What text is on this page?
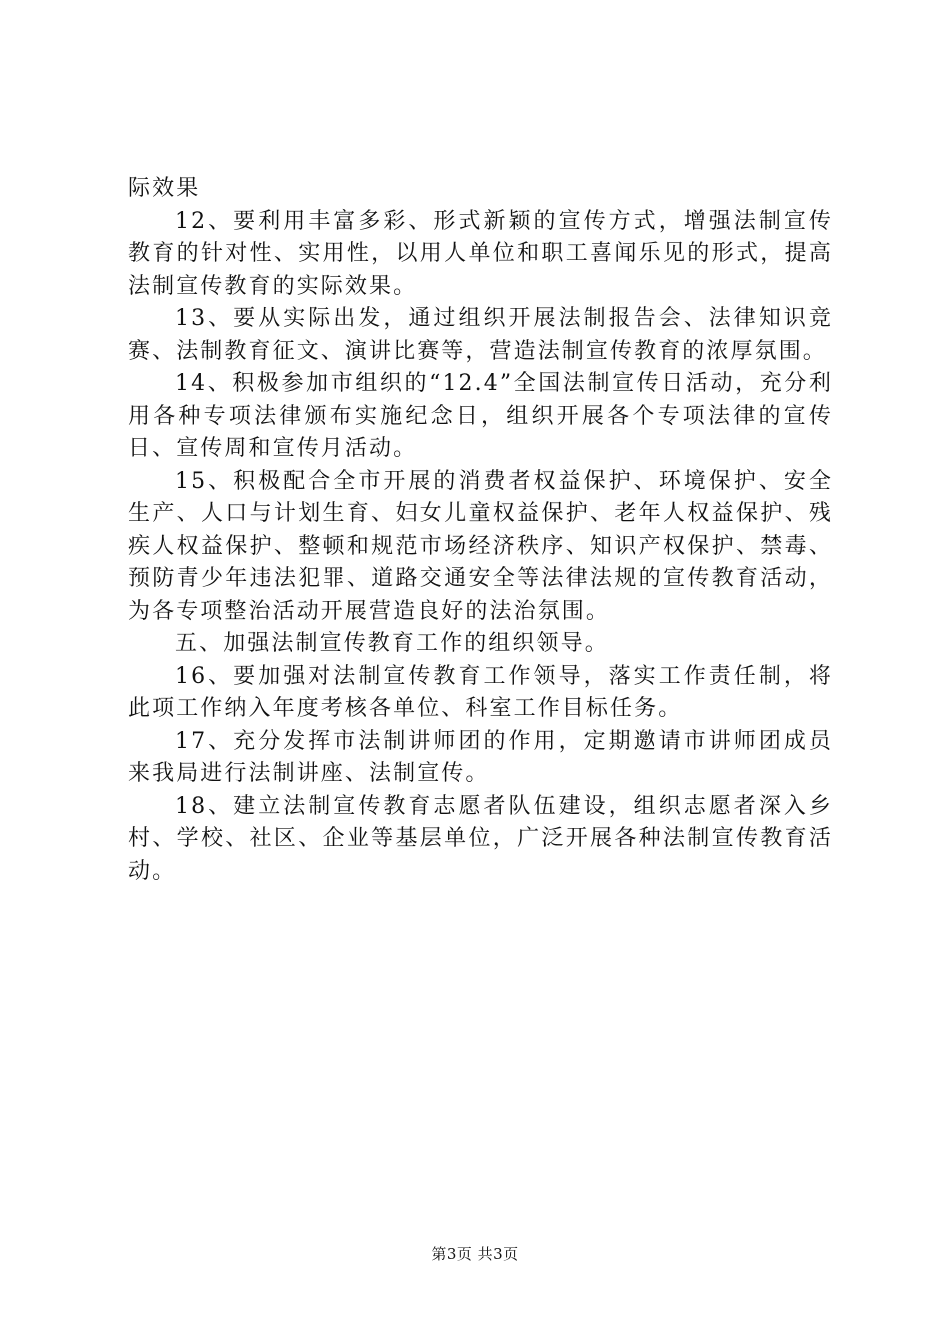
际效果

12、要利用丰富多彩、形式新颖的宣传方式，增强法制宣传教育的针对性、实用性，以用人单位和职工喜闻乐见的形式，提高法制宣传教育的实际效果。

13、要从实际出发，通过组织开展法制报告会、法律知识竞赛、法制教育征文、演讲比赛等，营造法制宣传教育的浓厚氛围。

14、积极参加市组织的“12.4”全国法制宣传日活动，充分利用各种专项法律颁布实施纪念日，组织开展各个专项法律的宣传日、宣传周和宣传月活动。

15、积极配合全市开展的消费者权益保护、环境保护、安全生产、人口与计划生育、妇女儿童权益保护、老年人权益保护、残疾人权益保护、整顿和规范市场经济秩序、知识产权保护、禁毒、预防青少年违法犯罪、道路交通安全等法律法规的宣传教育活动，为各专项整治活动开展营造良好的法治氛围。

五、加强法制宣传教育工作的组织领导。

16、要加强对法制宣传教育工作领导，落实工作责任制，将此项工作纳入年度考核各单位、科室工作目标任务。

17、充分发挥市法制讲师团的作用，定期邀请市讲师团成员来我局进行法制讲座、法制宣传。

18、建立法制宣传教育志愿者队伍建设，组织志愿者深入乡村、学校、社区、企业等基层单位，广泛开展各种法制宣传教育活动。

第3页 共3页
